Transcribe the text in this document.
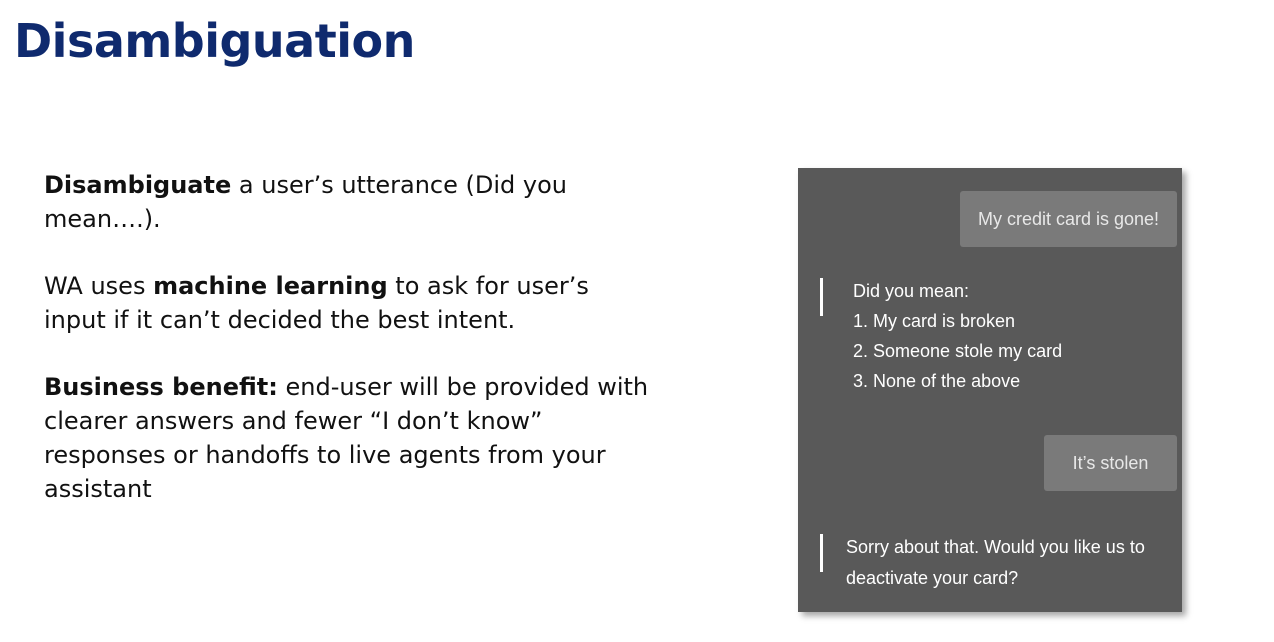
Disambiguation

Disambiguate a user’s utterance (Did you mean….).

WA uses machine learning to ask for user’s input if it can’t decided the best intent.

Business benefit: end-user will be provided with clearer answers and fewer “I don’t know” responses or handoffs to live agents from your assistant

My credit card is gone!
Did you mean:
1. My card is broken
2. Someone stole my card
3. None of the above
It’s stolen
Sorry about that. Would you like us to deactivate your card?
